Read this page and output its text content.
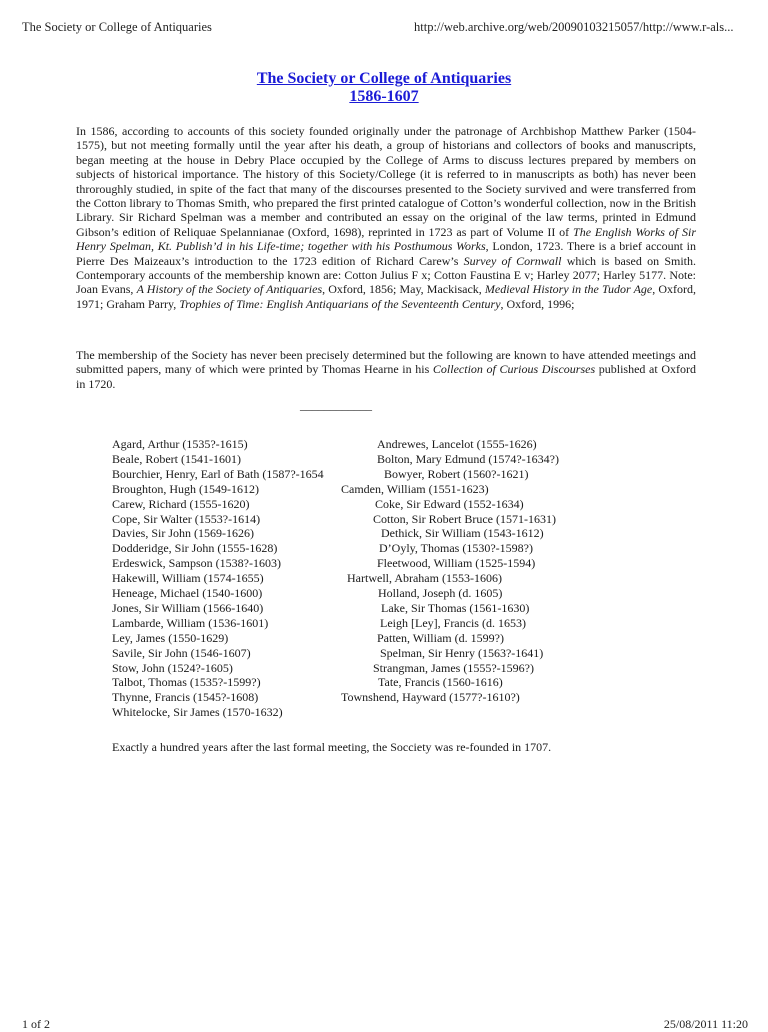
The Society or College of Antiquaries	http://web.archive.org/web/20090103215057/http://www.r-als...
The Society or College of Antiquaries
1586-1607

In 1586, according to accounts of this society founded originally under the patronage of Archbishop Matthew Parker (1504-1575), but not meeting formally until the year after his death, a group of historians and collectors of books and manuscripts, began meeting at the house in Debry Place occupied by the College of Arms to discuss lectures prepared by members on subjects of historical importance. The history of this Society/College (it is referred to in manuscripts as both) has never been throroughly studied, in spite of the fact that many of the discourses presented to the Society survived and were transferred from the Cotton library to Thomas Smith, who prepared the first printed catalogue of Cotton’s wonderful collection, now in the British Library. Sir Richard Spelman was a member and contributed an essay on the original of the law terms, printed in Edmund Gibson’s edition of Reliquae Spelannianae (Oxford, 1698), reprinted in 1723 as part of Volume II of The English Works of Sir Henry Spelman, Kt. Publish’d in his Life-time; together with his Posthumous Works, London, 1723. There is a brief account in Pierre Des Maizeaux’s introduction to the 1723 edition of Richard Carew’s Survey of Cornwall which is based on Smith. Contemporary accounts of the membership known are: Cotton Julius F x; Cotton Faustina E v; Harley 2077; Harley 5177. Note: Joan Evans, A History of the Society of Antiquaries, Oxford, 1856; May, Mackisack, Medieval History in the Tudor Age, Oxford, 1971; Graham Parry, Trophies of Time: English Antiquarians of the Seventeenth Century, Oxford, 1996;

The membership of the Society has never been precisely determined but the following are known to have attended meetings and submitted papers, many of which were printed by Thomas Hearne in his Collection of Curious Discourses published at Oxford in 1720.

____________
Agard, Arthur (1535?-1615)	Andrewes, Lancelot (1555-1626)
Beale, Robert (1541-1601)	Bolton, Mary Edmund (1574?-1634?)
Bourchier, Henry, Earl of Bath (1587?-1654	Bowyer, Robert (1560?-1621)
Broughton, Hugh (1549-1612)	Camden, William (1551-1623)
Carew, Richard (1555-1620)	Coke, Sir Edward (1552-1634)
Cope, Sir Walter (1553?-1614)	Cotton, Sir Robert Bruce (1571-1631)
Davies, Sir John (1569-1626)	Dethick, Sir William (1543-1612)
Dodderidge, Sir John (1555-1628)	D’Oyly, Thomas (1530?-1598?)
Erdeswick, Sampson (1538?-1603)	Fleetwood, William (1525-1594)
Hakewill, William (1574-1655)	Hartwell, Abraham (1553-1606)
Heneage, Michael (1540-1600)	Holland, Joseph (d. 1605)
Jones, Sir William (1566-1640)	Lake, Sir Thomas (1561-1630)
Lambarde, William (1536-1601)	Leigh [Ley], Francis (d. 1653)
Ley, James (1550-1629)	Patten, William (d. 1599?)
Savile, Sir John (1546-1607)	Spelman, Sir Henry (1563?-1641)
Stow, John (1524?-1605)	Strangman, James (1555?-1596?)
Talbot, Thomas (1535?-1599?)	Tate, Francis (1560-1616)
Thynne, Francis (1545?-1608)	Townshend, Hayward (1577?-1610?)
Whitelocke, Sir James (1570-1632)
Exactly a hundred years after the last formal meeting, the Socciety was re-founded in 1707.
1 of 2	25/08/2011 11:20
